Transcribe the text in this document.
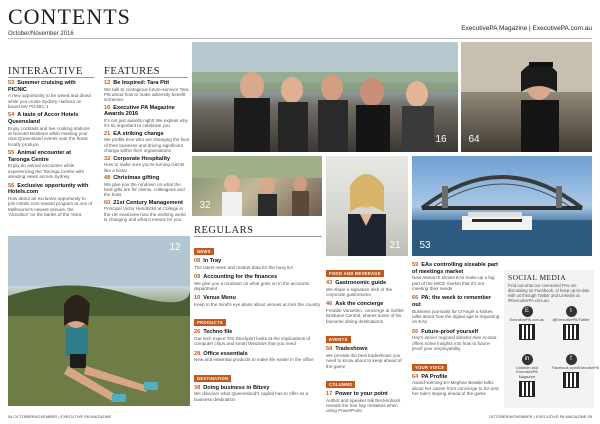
CONTENTS
October/November 2016
ExecutivePA Magazine | ExecutivePA.com.au
INTERACTIVE
53 Summer cruising with PICNIC
A new opportunity to be wined and dined while you cruise Sydney Harbour on board MV PICNIC 1
54 A taste of Accor Hotels Queensland
Enjoy cocktails and live cooking stations at Novotel Brisbane while meeting your next Queensland events over the finest locally produce.
55 Animal encounter at Taronga Centre
Enjoy an animal encounter while experiencing the Taronga Centre with amazing views across Sydney
56 Exclusive opportunity with Hotels.com
How about an exclusive opportunity to join Hotels.com reward program at one of Melbourne's newest venues, the 'Alondrice' on the banks of the Yarra
FEATURES
12 Be Inspired: Tara Pitt
We talk to contagious future-survivor Tara Pitt about how to make adversity benefit someone.
16 Executive PA Magazine Awards 2016
It's not just awards night! We explain why it's so important to celebrate you
21 EA striking change
We profile EAs who are changing the face of their business and driving significant change within their organisations
32 Corporate Hospitality
How to make sure you're turning clients like a boss!
48 Christmas gifting
We give you the rundown on what the best gifts are for clients, colleagues and the boss
60 21st Century Management
Principal Victor Hendricks at College in the UK examines how the working world is changing and what it means for you.
16	64
32
12	21	53
REGULARS
NEWS
08 In Tray
The latest news and market data for the busy EA
09 Accounting for the finances
We give you a rundown on what goes on in the accounts department
10 Venue Menu
Keep in the mind's eye plans about venues across the country
PRODUCTS
26 Techno file
Our tech expert Tim Stockport looks at the implications of computer chips and smart Windows that you need
28 Office essentials
New and essential products to make life easier in the office
DESTINATION
38 Doing business in Bitzey
We discover what Queensland's capital has to offer as a business destination
FOOD AND BEVERAGE
43 Gastronomic guide
We share a signature dish of the corporate gastronome
46 Ask the concierge
Freddie Vanasten, concierge at Sofitel Brisbane Central, shares some of his favourite dining destinations
EVENTS
58 Tradeshows
We provide the best tradeshows you need to know about to keep ahead of the game
COLUMNS
17 Power to your point
Author and speaker Nik Beckenback reveals the four key mistakes when using PowerPoint
59 EAs controlling sizeable part of meetings market
New research shows EAs make up a big part of the MICE market that it's not meeting their needs
66 PA: the week to remember out
Business journalist for O'Angel a Nokes talks about how the digital age is impacting on EAs
66 Future-proof yourself
Hey's senior regional director Alex Acosta offers some insights into how to future-proof your employability
YOUR VOICE
64 PA Profile
Award-winning EA Meghan Beattie talks about her career from concierge to EA and her tale's staying ahead of the game
SOCIAL MEDIA
Find out what our connected PAs are discussing on Facebook, or keep up-to-date with us through Twitter and LinkedIn at #ExecutivePA.com.au
E
ExecutivePA.com.au
t
@ExecutivePA/Twitter
in
LinkedIn and ExecutivePA Magazine
f
Facebook.com/ExecutivePA
04 OCTOBER/NOVEMBER | EXECUTIVE PA MAGAZINE	OCTOBER/NOVEMBER | EXECUTIVE PA MAGAZINE 05
